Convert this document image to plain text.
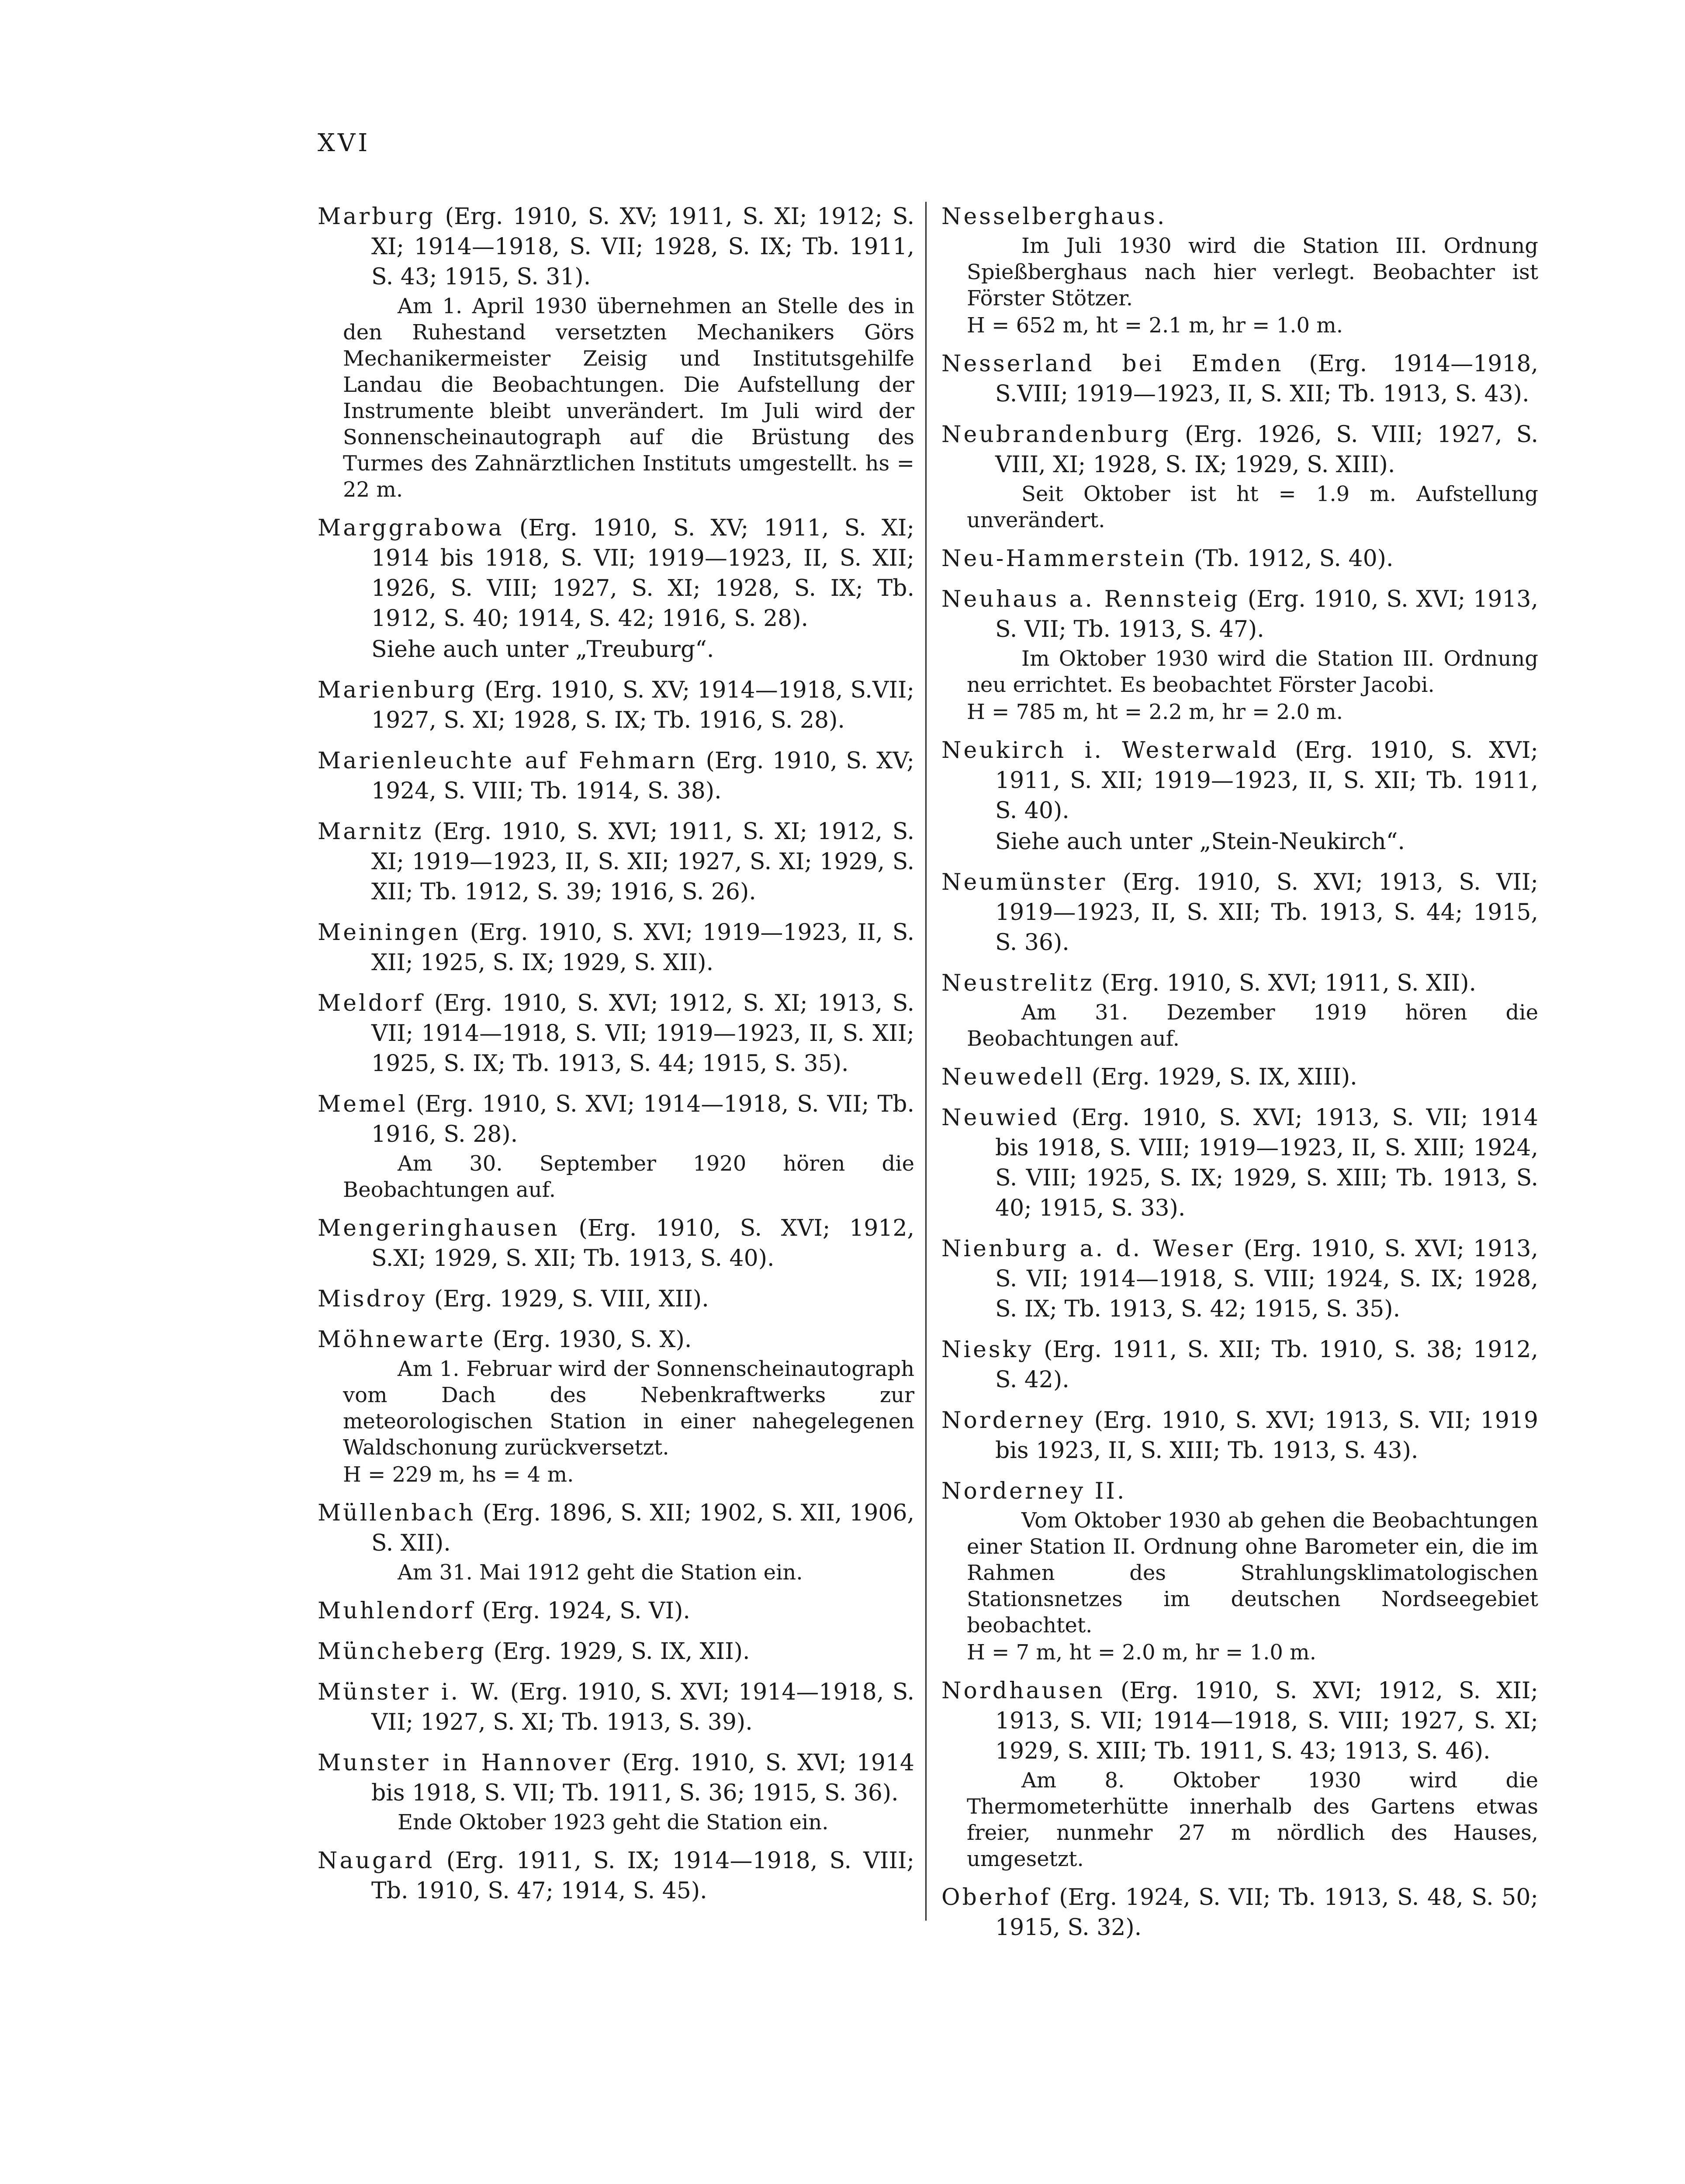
XVI
Marburg (Erg. 1910, S. XV; 1911, S. XI; 1912; S. XI; 1914—1918, S. VII; 1928, S. IX; Tb. 1911, S. 43; 1915, S. 31).
Am 1. April 1930 übernehmen an Stelle des in den Ruhestand versetzten Mechanikers Görs Mechanikermeister Zeisig und Institutsgehilfe Landau die Beobachtungen. Die Aufstellung der Instrumente bleibt unverändert. Im Juli wird der Sonnenscheinautograph auf die Brüstung des Turmes des Zahnärztlichen Instituts umgestellt. hs = 22 m.
Marggrabowa (Erg. 1910, S. XV; 1911, S. XI; 1914 bis 1918, S. VII; 1919—1923, II, S. XII; 1926, S. VIII; 1927, S. XI; 1928, S. IX; Tb. 1912, S. 40; 1914, S. 42; 1916, S. 28).
Siehe auch unter „Treuburg“.
Marienburg (Erg. 1910, S. XV; 1914—1918, S.VII; 1927, S. XI; 1928, S. IX; Tb. 1916, S. 28).
Marienleuchte auf Fehmarn (Erg. 1910, S. XV; 1924, S. VIII; Tb. 1914, S. 38).
Marnitz (Erg. 1910, S. XVI; 1911, S. XI; 1912, S. XI; 1919—1923, II, S. XII; 1927, S. XI; 1929, S. XII; Tb. 1912, S. 39; 1916, S. 26).
Meiningen (Erg. 1910, S. XVI; 1919—1923, II, S. XII; 1925, S. IX; 1929, S. XII).
Meldorf (Erg. 1910, S. XVI; 1912, S. XI; 1913, S. VII; 1914—1918, S. VII; 1919—1923, II, S. XII; 1925, S. IX; Tb. 1913, S. 44; 1915, S. 35).
Memel (Erg. 1910, S. XVI; 1914—1918, S. VII; Tb. 1916, S. 28).
Am 30. September 1920 hören die Beobachtungen auf.
Mengeringhausen (Erg. 1910, S. XVI; 1912, S.XI; 1929, S. XII; Tb. 1913, S. 40).
Misdroy (Erg. 1929, S. VIII, XII).
Möhnewarte (Erg. 1930, S. X).
Am 1. Februar wird der Sonnenscheinautograph vom Dach des Nebenkraftwerks zur meteorologischen Station in einer nahegelegenen Waldschonung zurückversetzt.
H = 229 m, hs = 4 m.
Müllenbach (Erg. 1896, S. XII; 1902, S. XII, 1906, S. XII).
Am 31. Mai 1912 geht die Station ein.
Muhlendorf (Erg. 1924, S. VI).
Müncheberg (Erg. 1929, S. IX, XII).
Münster i. W. (Erg. 1910, S. XVI; 1914—1918, S. VII; 1927, S. XI; Tb. 1913, S. 39).
Munster in Hannover (Erg. 1910, S. XVI; 1914 bis 1918, S. VII; Tb. 1911, S. 36; 1915, S. 36).
Ende Oktober 1923 geht die Station ein.
Naugard (Erg. 1911, S. IX; 1914—1918, S. VIII; Tb. 1910, S. 47; 1914, S. 45).
Nesselberghaus.
Im Juli 1930 wird die Station III. Ordnung Spießberghaus nach hier verlegt. Beobachter ist Förster Stötzer.
H = 652 m, ht = 2.1 m, hr = 1.0 m.
Nesserland bei Emden (Erg. 1914—1918, S.VIII; 1919—1923, II, S. XII; Tb. 1913, S. 43).
Neubrandenburg (Erg. 1926, S. VIII; 1927, S. VIII, XI; 1928, S. IX; 1929, S. XIII).
Seit Oktober ist ht = 1.9 m. Aufstellung unverändert.
Neu-Hammerstein (Tb. 1912, S. 40).
Neuhaus a. Rennsteig (Erg. 1910, S. XVI; 1913, S. VII; Tb. 1913, S. 47).
Im Oktober 1930 wird die Station III. Ordnung neu errichtet. Es beobachtet Förster Jacobi.
H = 785 m, ht = 2.2 m, hr = 2.0 m.
Neukirch i. Westerwald (Erg. 1910, S. XVI; 1911, S. XII; 1919—1923, II, S. XII; Tb. 1911, S. 40).
Siehe auch unter „Stein-Neukirch“.
Neumünster (Erg. 1910, S. XVI; 1913, S. VII; 1919—1923, II, S. XII; Tb. 1913, S. 44; 1915, S. 36).
Neustrelitz (Erg. 1910, S. XVI; 1911, S. XII).
Am 31. Dezember 1919 hören die Beobachtungen auf.
Neuwedell (Erg. 1929, S. IX, XIII).
Neuwied (Erg. 1910, S. XVI; 1913, S. VII; 1914 bis 1918, S. VIII; 1919—1923, II, S. XIII; 1924, S. VIII; 1925, S. IX; 1929, S. XIII; Tb. 1913, S. 40; 1915, S. 33).
Nienburg a. d. Weser (Erg. 1910, S. XVI; 1913, S. VII; 1914—1918, S. VIII; 1924, S. IX; 1928, S. IX; Tb. 1913, S. 42; 1915, S. 35).
Niesky (Erg. 1911, S. XII; Tb. 1910, S. 38; 1912, S. 42).
Norderney (Erg. 1910, S. XVI; 1913, S. VII; 1919 bis 1923, II, S. XIII; Tb. 1913, S. 43).
Norderney II.
Vom Oktober 1930 ab gehen die Beobachtungen einer Station II. Ordnung ohne Barometer ein, die im Rahmen des Strahlungsklimatologischen Stationsnetzes im deutschen Nordseegebiet beobachtet.
H = 7 m, ht = 2.0 m, hr = 1.0 m.
Nordhausen (Erg. 1910, S. XVI; 1912, S. XII; 1913, S. VII; 1914—1918, S. VIII; 1927, S. XI; 1929, S. XIII; Tb. 1911, S. 43; 1913, S. 46).
Am 8. Oktober 1930 wird die Thermometerhütte innerhalb des Gartens etwas freier, nunmehr 27 m nördlich des Hauses, umgesetzt.
Oberhof (Erg. 1924, S. VII; Tb. 1913, S. 48, S. 50; 1915, S. 32).
